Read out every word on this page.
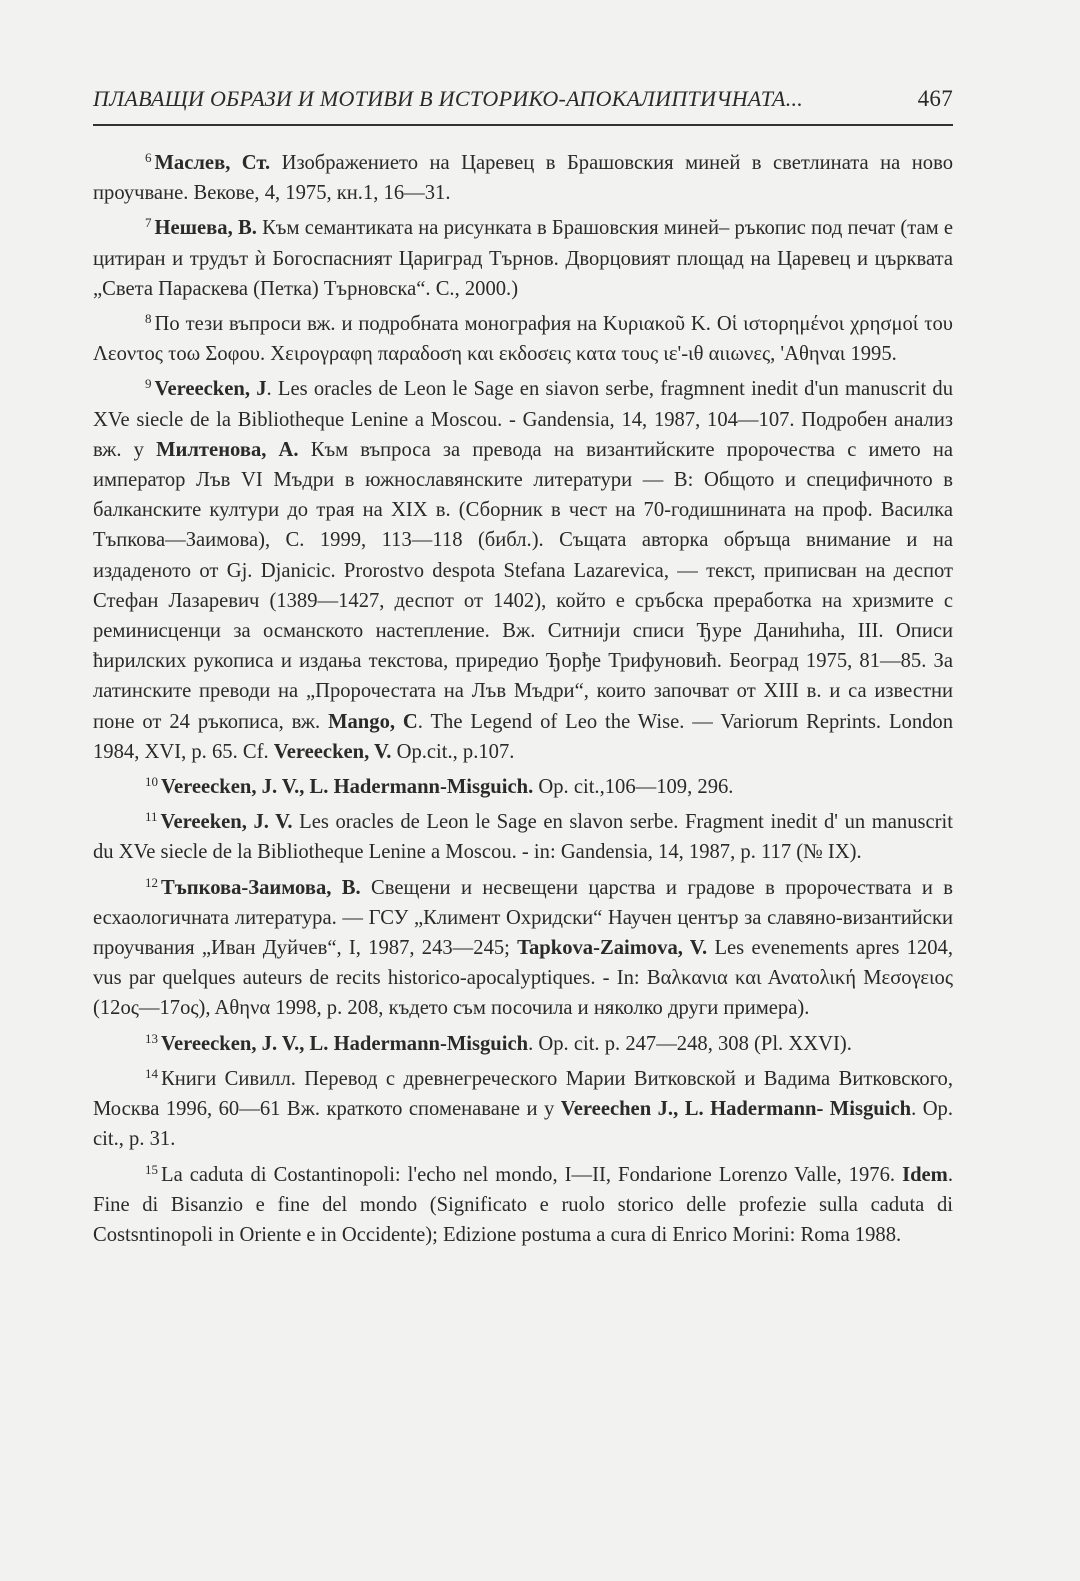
ПЛАВАЩИ ОБРАЗИ И МОТИВИ В ИСТОРИКО-АПОКАЛИПТИЧНАТА...	467

$^6$ Маслев, Ст. Изображението на Царевец в Брашовския миней в светлината на ново проучване. Векове, 4, 1975, кн.1, 16—31.

$^7$ Нешева, В. Към семантиката на рисунката в Брашовския миней– ръкопис под печат (там е цитиран и трудът ѝ Богоспасният Цариград Търнов. Дворцовият площад на Царевец и църквата „Света Параскева (Петка) Търновска“. С., 2000.)

$^8$ По тези въпроси вж. и подробната монография на Κυριακοῦ Κ. Οἱ ιστορημένοι χρησμοί του Λεοντος τοω Σοφου. Χειρογραφη παραδοση και εκδοσεις κατα τους ιε'-ιθ αιιωνες, 'Αθηναι 1995.

$^9$ Vereecken, J. Les oracles de Leon le Sage en siavon serbe, fragmnent inedit d'un manuscrit du XVe siecle de la Bibliotheque Lenine a Moscou. - Gandensia, 14, 1987, 104—107. Подробен анализ вж. у Милтенова, А. Към въпроса за превода на византийските пророчества с името на император Лъв VI Мъдри в южнославянските литератури — В: Общото и специфичното в балканските култури до трая на XIX в. (Сборник в чест на 70-годишнината на проф. Василка Тъпкова—Заимова), С. 1999, 113—118 (библ.). Същата авторка обръща внимание и на издаденото от Gj. Djanicic. Prorostvo despota Stefana Lazarevica, — текст, приписван на деспот Стефан Лазаревич (1389—1427, деспот от 1402), който е сръбска преработка на хризмите с реминисценци за османското настепление. Вж. Ситнији списи Ђуре Даниhиhа, III. Описи ћирилских рукописа и издањa текстова, приредио Ђорђе Трифуновић. Београд 1975, 81—85. За латинските преводи на „Пророчестата на Лъв Мъдри“, които започват от XIII в. и са известни поне от 24 ръкописа, вж. Mango, C. The Legend of Leo the Wise. — Variorum Reprints. London 1984, XVI, p. 65. Cf. Vereecken, V. Op.cit., p.107.

$^{10}$ Vereecken, J. V., L. Hadermann-Misguich. Op. cit.,106—109, 296.

$^{11}$ Vereeken, J. V. Les oracles de Leon le Sage en slavon serbe. Fragment inedit d' un manuscrit du XVe siecle de la Bibliotheque Lenine a Moscou. - in: Gandensia, 14, 1987, p. 117 (№ IX).

$^{12}$ Тъпкова-Заимова, В. Свещени и несвещени царства и градове в пророчествата и в есхаологичната литература. — ГСУ „Климент Охридски“ Научен център за славяно-византийски проучвания „Иван Дуйчев“, I, 1987, 243—245; Tapkova-Zaimova, V. Les evenements apres 1204, vus par quelques auteurs de recits historico-apocalyptiques. - In: Βαλκανια και Ανατολική Μεσογειος (12ος—17ος), Αθηνα 1998, р. 208, където съм посочила и няколко други примера).

$^{13}$ Vereecken, J. V., L. Hadermann-Misguich. Op. cit. p. 247—248, 308 (Pl. XXVI).

$^{14}$ Книги Сивилл. Перевод с древнегреческого Марии Витковской и Вадима Витковского, Москва 1996, 60—61 Вж. краткото споменаване и у Vereechen J., L. Hadermann- Misguich. Op. cit., p. 31.

$^{15}$ La caduta di Costantinopoli: l'echo nel mondo, I—II, Fondarione Lorenzo Valle, 1976. Idem. Fine di Bisanzio e fine del mondo (Significato e ruolo storico delle profezie sulla caduta di Costsntinopoli in Oriente e in Occidente); Edizione postuma a cura di Enrico Morini: Roma 1988.
